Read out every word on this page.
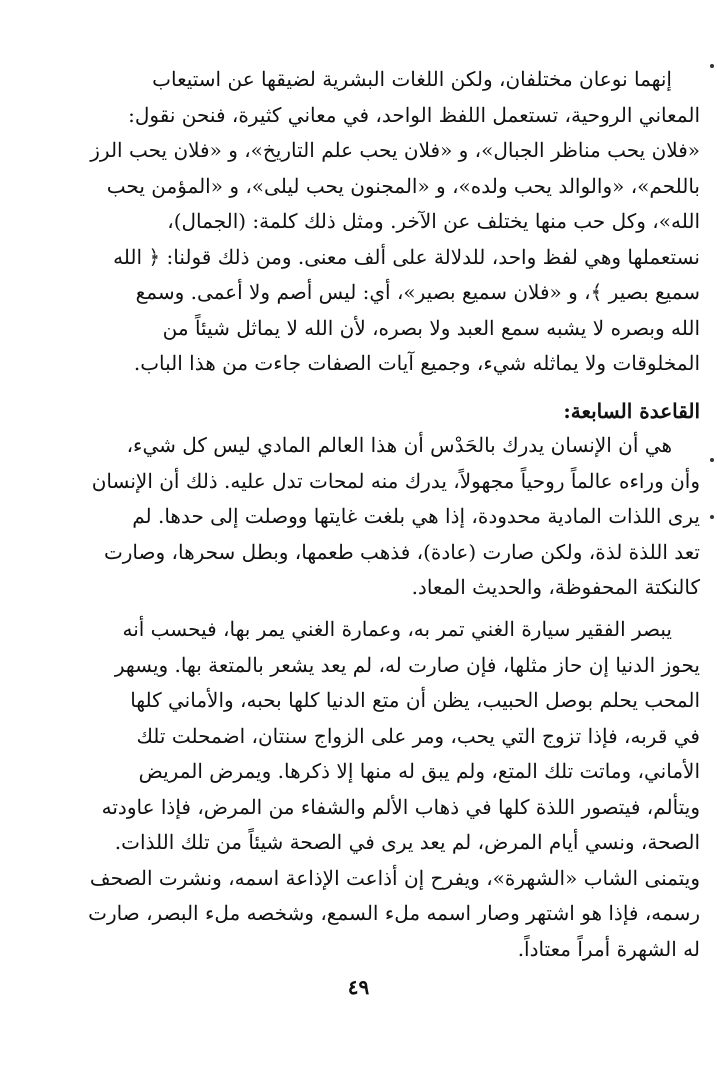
إنهما نوعان مختلفان، ولكن اللغات البشرية لضيقها عن استيعاب
المعاني الروحية، تستعمل اللفظ الواحد، في معاني كثيرة، فنحن نقول:
«فلان يحب مناظر الجبال»، و «فلان يحب علم التاريخ»، و «فلان يحب الرز
باللحم»، «والوالد يحب ولده»، و «المجنون يحب ليلى»، و «المؤمن يحب
الله»، وكل حب منها يختلف عن الآخر. ومثل ذلك كلمة: (الجمال)،
نستعملها وهي لفظ واحد، للدلالة على ألف معنى. ومن ذلك قولنا: ﴿ الله
سميع بصير ﴾، و «فلان سميع بصير»، أي: ليس أصم ولا أعمى. وسمع
الله وبصره لا يشبه سمع العبد ولا بصره، لأن الله لا يماثل شيئاً من
المخلوقات ولا يماثله شيء، وجميع آيات الصفات جاءت من هذا الباب.
القاعدة السابعة:
هي أن الإنسان يدرك بالحَدْس أن هذا العالم المادي ليس كل شيء،
وأن وراءه عالماً روحياً مجهولاً، يدرك منه لمحات تدل عليه. ذلك أن الإنسان
يرى اللذات المادية محدودة، إذا هي بلغت غايتها ووصلت إلى حدها. لم
تعد اللذة لذة، ولكن صارت (عادة)، فذهب طعمها، وبطل سحرها، وصارت
كالنكتة المحفوظة، والحديث المعاد.
يبصر الفقير سيارة الغني تمر به، وعمارة الغني يمر بها، فيحسب أنه
يحوز الدنيا إن حاز مثلها، فإن صارت له، لم يعد يشعر بالمتعة بها. ويسهر
المحب يحلم بوصل الحبيب، يظن أن متع الدنيا كلها بحبه، والأماني كلها
في قربه، فإذا تزوج التي يحب، ومر على الزواج سنتان، اضمحلت تلك
الأماني، وماتت تلك المتع، ولم يبق له منها إلا ذكرها. ويمرض المريض
ويتألم، فيتصور اللذة كلها في ذهاب الألم والشفاء من المرض، فإذا عاودته
الصحة، ونسي أيام المرض، لم يعد يرى في الصحة شيئاً من تلك اللذات.
ويتمنى الشاب «الشهرة»، ويفرح إن أذاعت الإذاعة اسمه، ونشرت الصحف
رسمه، فإذا هو اشتهر وصار اسمه ملء السمع، وشخصه ملء البصر، صارت
له الشهرة أمراً معتاداً.
٤٩
